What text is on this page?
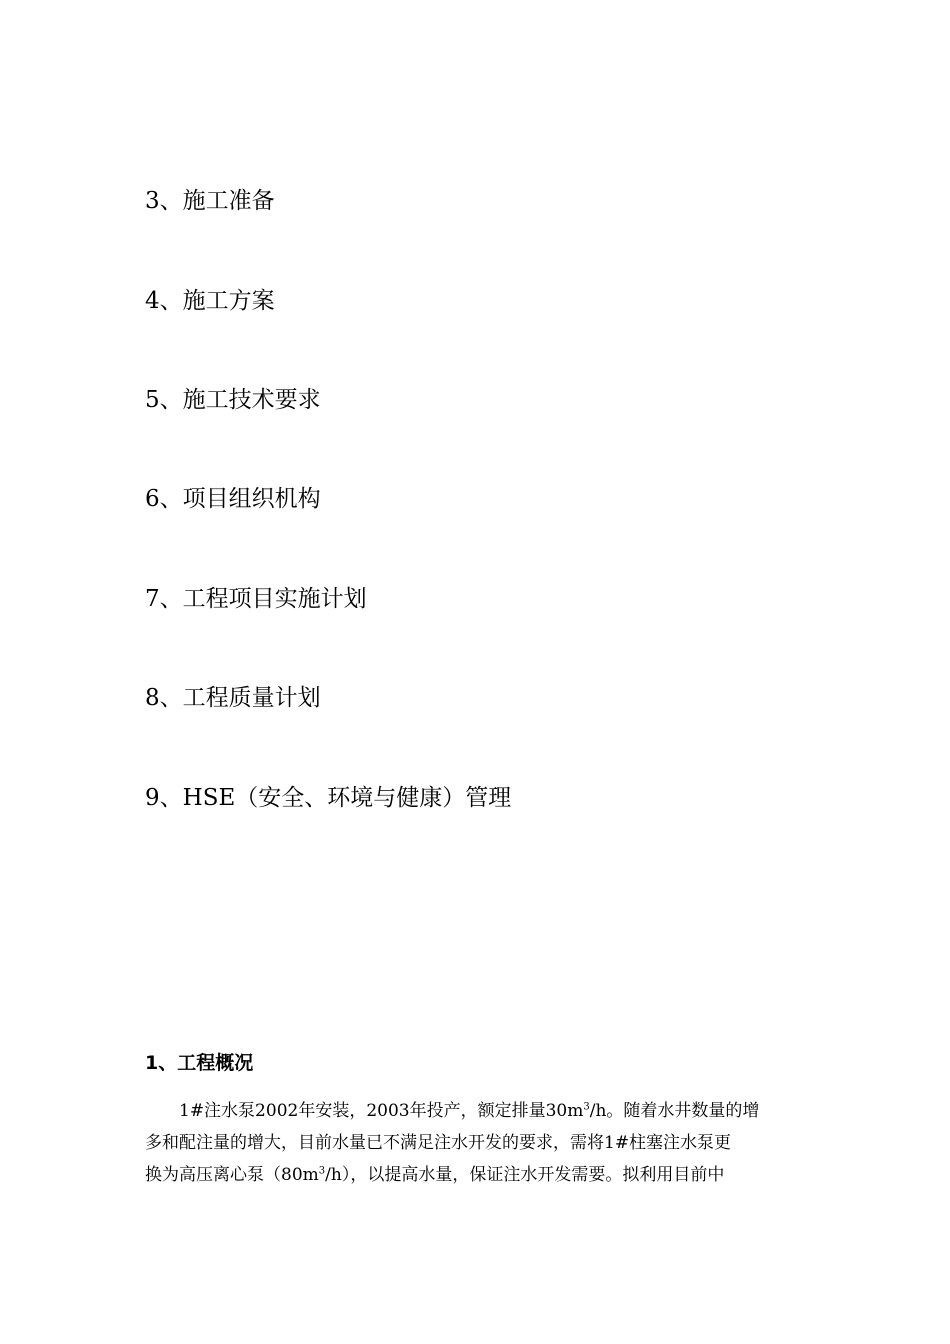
3、施工准备
4、施工方案
5、施工技术要求
6、项目组织机构
7、工程项目实施计划
8、工程质量计划
9、HSE（安全、环境与健康）管理
1、工程概况
1#注水泵2002年安装，2003年投产，额定排量$30m^3/h$。随着水井数量的增
多和配注量的增大，目前水量已不满足注水开发的要求，需将1#柱塞注水泵更
换为高压离心泵$(80m^3/h)$，以提高水量，保证注水开发需要。拟利用目前中
